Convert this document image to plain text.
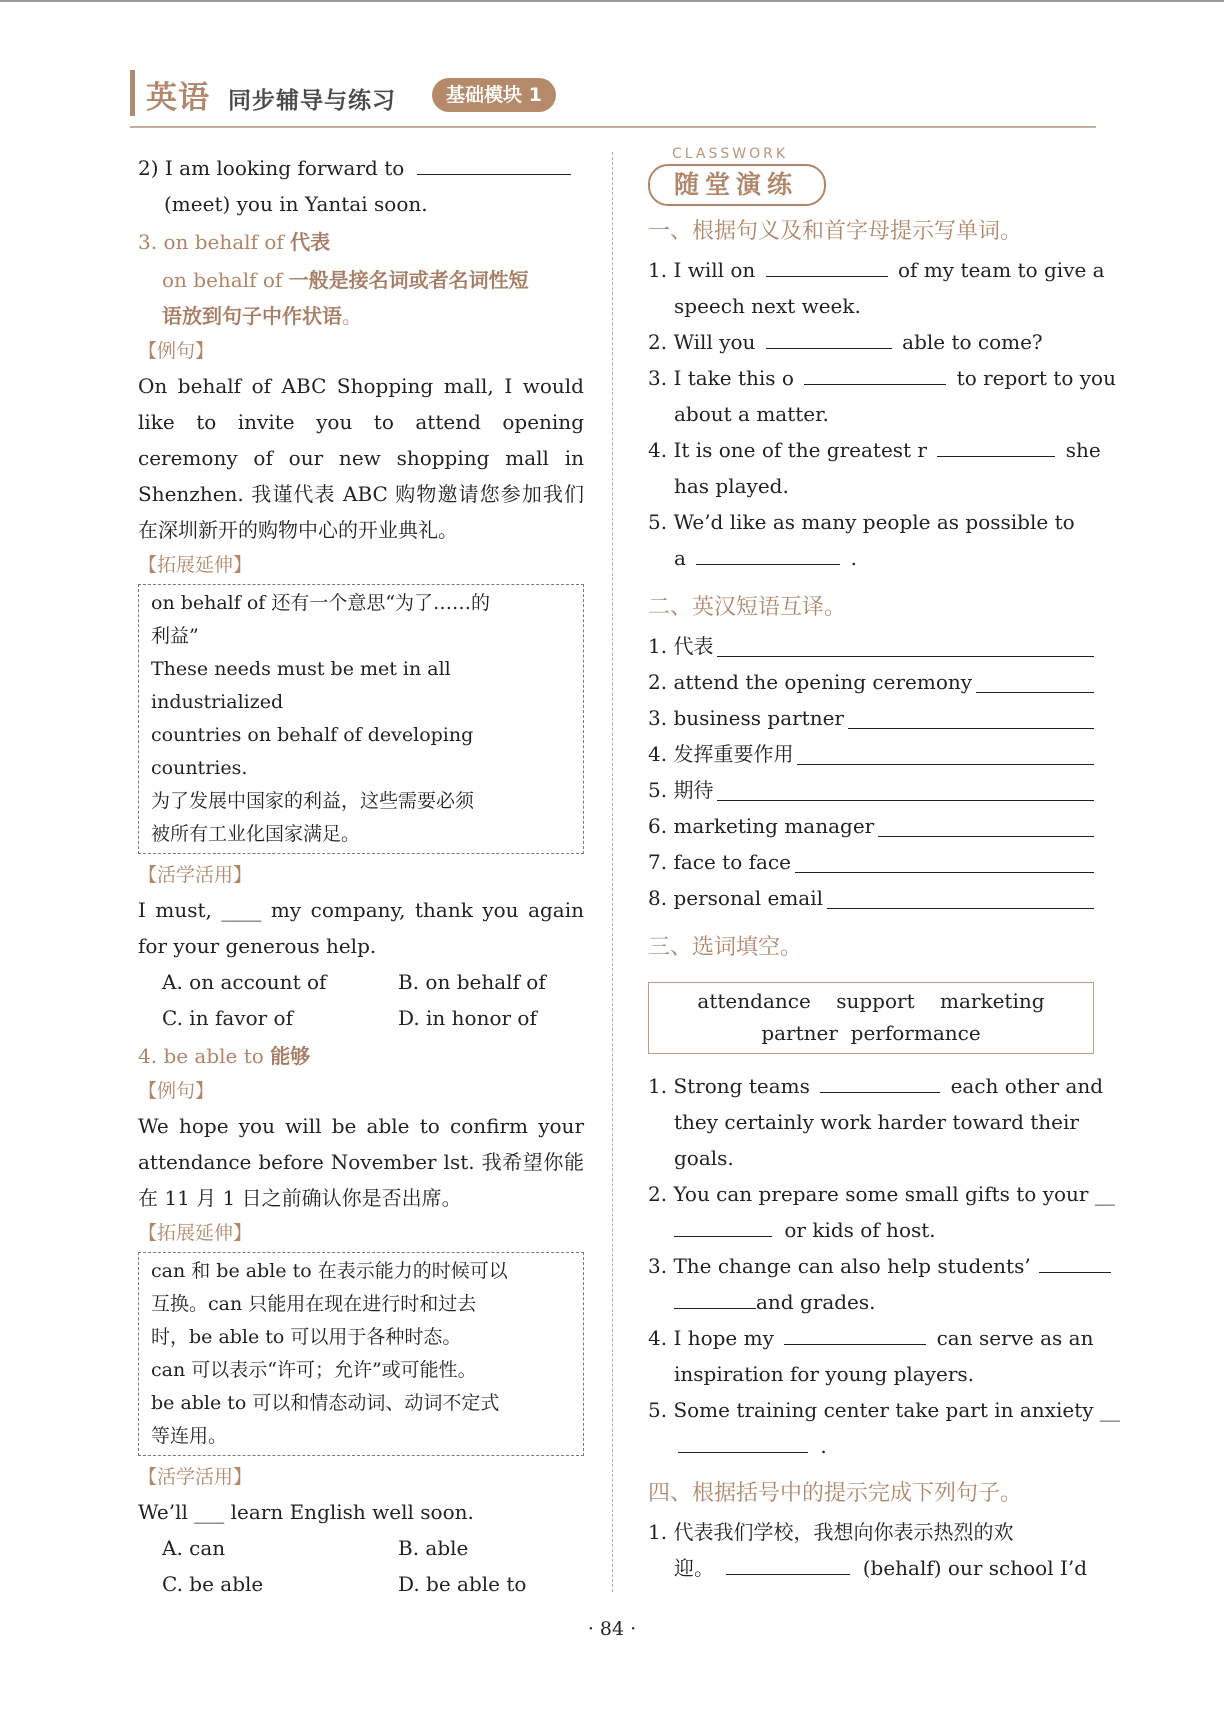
英语 同步辅导与练习	基础模块 1
2) I am looking forward to
(meet) you in Yantai soon.
3. on behalf of 代表
on behalf of 一般是接名词或者名词性短
语放到句子中作状语。
【例句】
On behalf of ABC Shopping mall, I would like to invite you to attend opening ceremony of our new shopping mall in Shenzhen. 我谨代表 ABC 购物邀请您参加我们在深圳新开的购物中心的开业典礼。
【拓展延伸】
on behalf of 还有一个意思“为了……的
利益”
These needs must be met in all industrialized
countries on behalf of developing countries.
为了发展中国家的利益，这些需要必须
被所有工业化国家满足。
【活学活用】
I must, ____ my company, thank you again for your generous help.
A. on account of	B. on behalf of
C. in favor of	D. in honor of
4. be able to 能够
【例句】
We hope you will be able to confirm your attendance before November lst. 我希望你能在 11 月 1 日之前确认你是否出席。
【拓展延伸】
can 和 be able to 在表示能力的时候可以
互换。can 只能用在现在进行时和过去
时，be able to 可以用于各种时态。
can 可以表示“许可；允许”或可能性。
be able to 可以和情态动词、动词不定式
等连用。
【活学活用】
We’ll ___ learn English well soon.
A. can	B. able
C. be able	D. be able to
CLASSWORK
随堂演练
一、根据句义及和首字母提示写单词。
1. I will on	of my team to give a
speech next week.
2. Will you	able to come?
3. I take this o	to report to you
about a matter.
4. It is one of the greatest r	she
has played.
5. We’d like as many people as possible to
a	.
二、英汉短语互译。
1. 代表
2. attend the opening ceremony
3. business partner
4. 发挥重要作用
5. 期待
6. marketing manager
7. face to face
8. personal email
三、选词填空。
attendance    support    marketing
partner  performance
1. Strong teams	each other and
they certainly work harder toward their
goals.
2. You can prepare some small gifts to your __
or kids of host.
3. The change can also help students’
and grades.
4. I hope my	can serve as an
inspiration for young players.
5. Some training center take part in anxiety __
.
四、根据括号中的提示完成下列句子。
1. 代表我们学校，我想向你表示热烈的欢
迎。	(behalf) our school I’d
· 84 ·
